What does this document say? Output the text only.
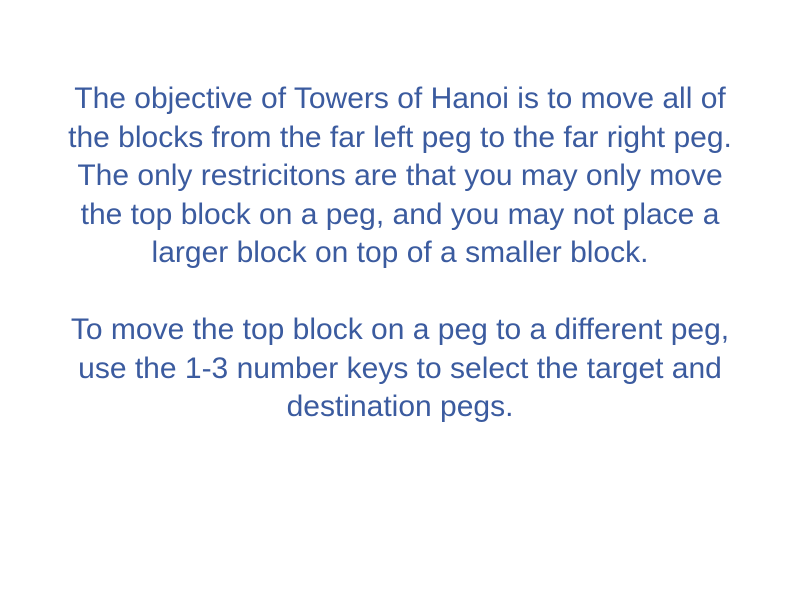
The objective of Towers of Hanoi is to move all of
the blocks from the far left peg to the far right peg.
The only restricitons are that you may only move
the top block on a peg, and you may not place a
larger block on top of a smaller block.
To move the top block on a peg to a different peg,
use the 1-3 number keys to select the target and
destination pegs.
